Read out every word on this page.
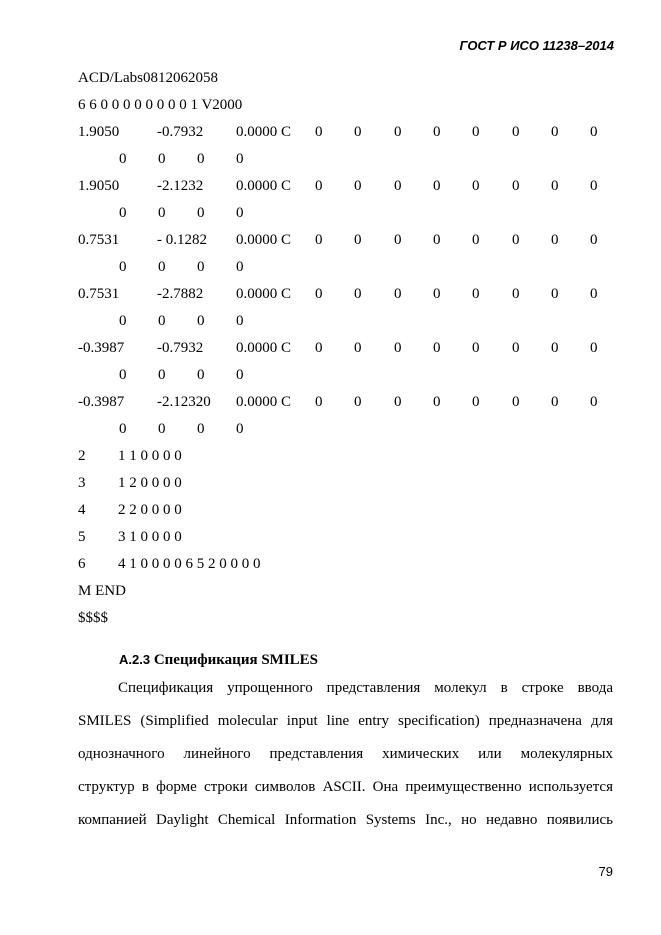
ГОСТ Р ИСО 11238–2014
ACD/Labs0812062058
6 6 0 0 0 0 0 0 0 0 1 V2000
1.9050	-0.7932 0.0000 C 0 0 0 0 0 0 0 0
0 0 0 0
1.9050	-2.1232 0.0000 C 0 0 0 0 0 0 0 0
0 0 0 0
0.7531	- 0.1282 0.0000 C 0 0 0 0 0 0 0 0
0 0 0 0
0.7531	-2.7882 0.0000 C 0 0 0 0 0 0 0 0
0 0 0 0
-0.3987 -0.7932 0.0000 C 0 0 0 0 0 0 0 0
0 0 0 0
-0.3987 -2.12320 0.0000 C 0 0 0 0 0 0 0 0
0 0 0 0
2 1 1 0 0 0 0
3 1 2 0 0 0 0
4 2 2 0 0 0 0
5 3 1 0 0 0 0
6 4 1 0 0 0 0 6 5 2 0 0 0 0
M END
$$$$
А.2.3 Спецификация SMILES
Спецификация упрощенного представления молекул в строке ввода
SMILES (Simplified molecular input line entry specification) предназначена для
однозначного линейного представления химических или молекулярных
структур в форме строки символов ASCII. Она преимущественно используется
компанией Daylight Chemical Information Systems Inc., но недавно появились
79
